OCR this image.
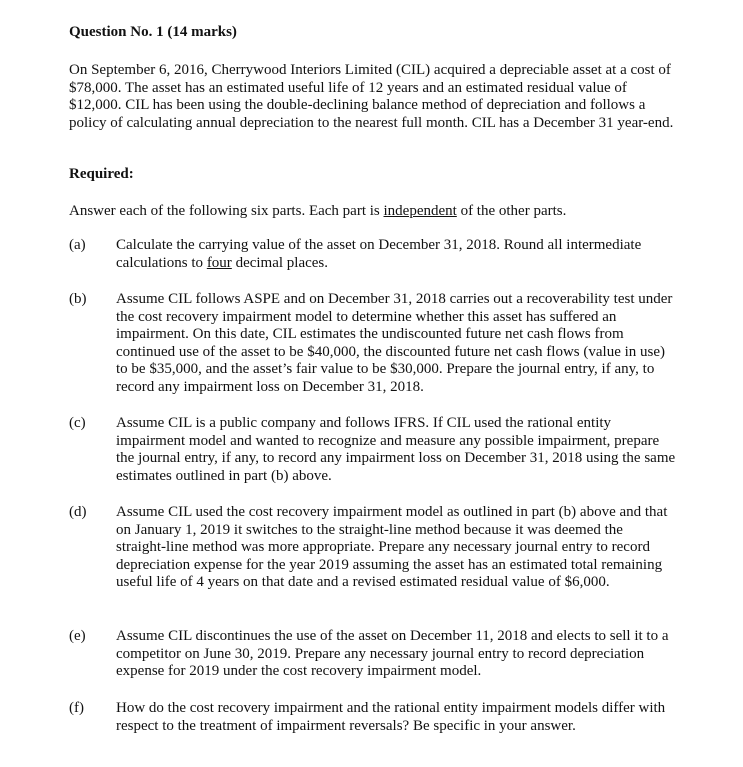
Question No. 1 (14 marks)

On September 6, 2016, Cherrywood Interiors Limited (CIL) acquired a depreciable asset at a cost of $78,000. The asset has an estimated useful life of 12 years and an estimated residual value of $12,000. CIL has been using the double-declining balance method of depreciation and follows a policy of calculating annual depreciation to the nearest full month. CIL has a December 31 year-end.

Required:

Answer each of the following six parts. Each part is independent of the other parts.

(a)	Calculate the carrying value of the asset on December 31, 2018. Round all intermediate calculations to four decimal places.
(b)	Assume CIL follows ASPE and on December 31, 2018 carries out a recoverability test under the cost recovery impairment model to determine whether this asset has suffered an impairment. On this date, CIL estimates the undiscounted future net cash flows from continued use of the asset to be $40,000, the discounted future net cash flows (value in use) to be $35,000, and the asset’s fair value to be $30,000. Prepare the journal entry, if any, to record any impairment loss on December 31, 2018.
(c)	Assume CIL is a public company and follows IFRS. If CIL used the rational entity impairment model and wanted to recognize and measure any possible impairment, prepare the journal entry, if any, to record any impairment loss on December 31, 2018 using the same estimates outlined in part (b) above.
(d)	Assume CIL used the cost recovery impairment model as outlined in part (b) above and that on January 1, 2019 it switches to the straight-line method because it was deemed the straight-line method was more appropriate. Prepare any necessary journal entry to record depreciation expense for the year 2019 assuming the asset has an estimated total remaining useful life of 4 years on that date and a revised estimated residual value of $6,000.
(e)	Assume CIL discontinues the use of the asset on December 11, 2018 and elects to sell it to a competitor on June 30, 2019. Prepare any necessary journal entry to record depreciation expense for 2019 under the cost recovery impairment model.
(f)	How do the cost recovery impairment and the rational entity impairment models differ with respect to the treatment of impairment reversals? Be specific in your answer.
